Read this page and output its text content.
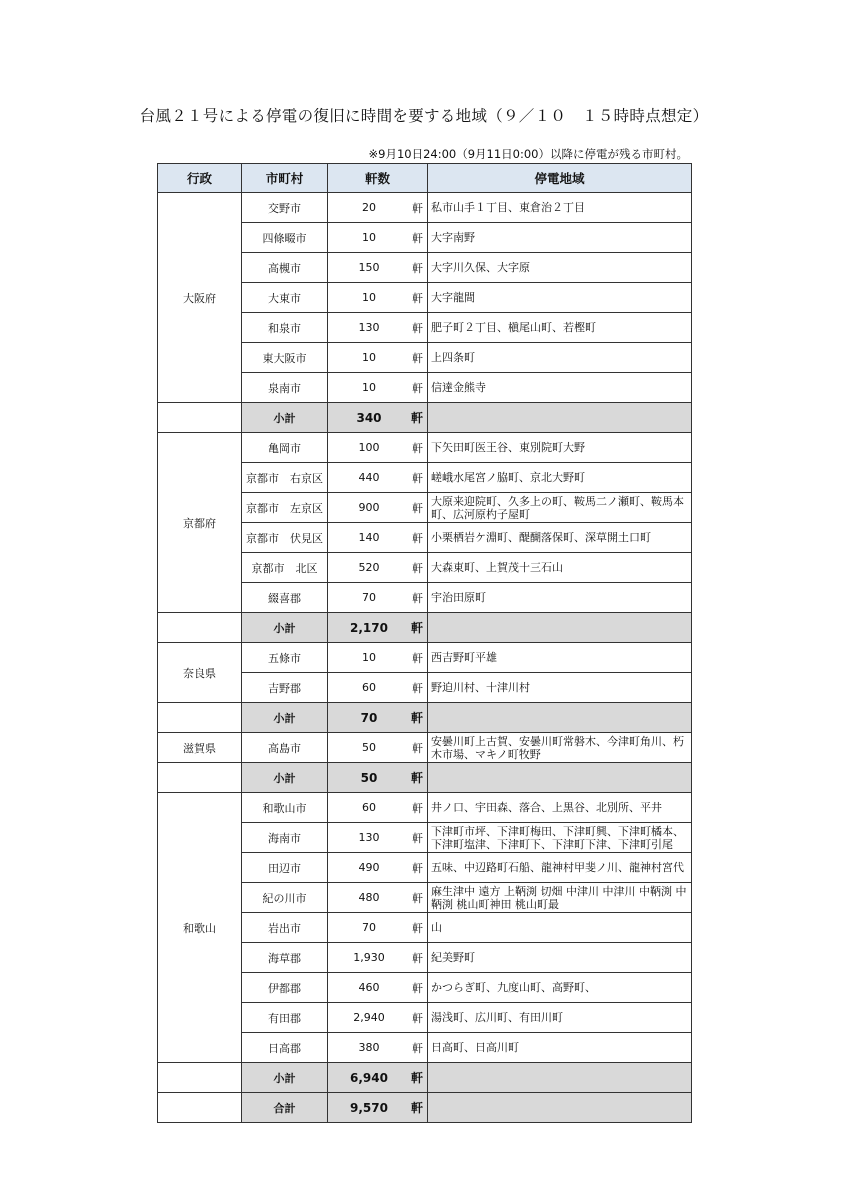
台風２１号による停電の復旧に時間を要する地域（９／１０　１５時時点想定）
※9月10日24:00（9月11日0:00）以降に停電が残る市町村。
行政	市町村	軒数	停電地域
大阪府	交野市	20 軒	私市山手１丁目、東倉治２丁目
	四條畷市	10 軒	大字南野
	高槻市	150 軒	大字川久保、大字原
	大東市	10 軒	大字龍間
	和泉市	130 軒	肥子町２丁目、槇尾山町、若樫町
	東大阪市	10 軒	上四条町
	泉南市	10 軒	信達金熊寺
	小計	340 軒	

京都府	亀岡市	100 軒	下矢田町医王谷、東別院町大野
	京都市　右京区	440 軒	嵯峨水尾宮ノ脇町、京北大野町
	京都市　左京区	900 軒	大原来迎院町、久多上の町、鞍馬二ノ瀬町、鞍馬本町、広河原杓子屋町
	京都市　伏見区	140 軒	小栗栖岩ケ淵町、醍醐落保町、深草開土口町
	京都市　北区	520 軒	大森東町、上賀茂十三石山
	綴喜郡	70 軒	宇治田原町
	小計	2,170 軒	

奈良県	五條市	10 軒	西吉野町平雄
	吉野郡	60 軒	野迫川村、十津川村
	小計	70 軒	

滋賀県	高島市	50 軒	安曇川町上古賀、安曇川町常磐木、今津町角川、朽木市場、マキノ町牧野
	小計	50 軒	

和歌山	和歌山市	60 軒	井ノ口、宇田森、落合、上黒谷、北別所、平井
	海南市	130 軒	下津町市坪、下津町梅田、下津町興、下津町橘本、下津町塩津、下津町下、下津町下津、下津町引尾
	田辺市	490 軒	五味、中辺路町石船、龍神村甲斐ノ川、龍神村宮代
	紀の川市	480 軒	麻生津中 遠方 上鞆渕 切畑 中津川 中津川 中鞆渕 中鞆渕 桃山町神田 桃山町最
	岩出市	70 軒	山
	海草郡	1,930 軒	紀美野町
	伊都郡	460 軒	かつらぎ町、九度山町、高野町、
	有田郡	2,940 軒	湯浅町、広川町、有田川町
	日高郡	380 軒	日高町、日高川町
	小計	6,940 軒	

	合計	9,570 軒	
